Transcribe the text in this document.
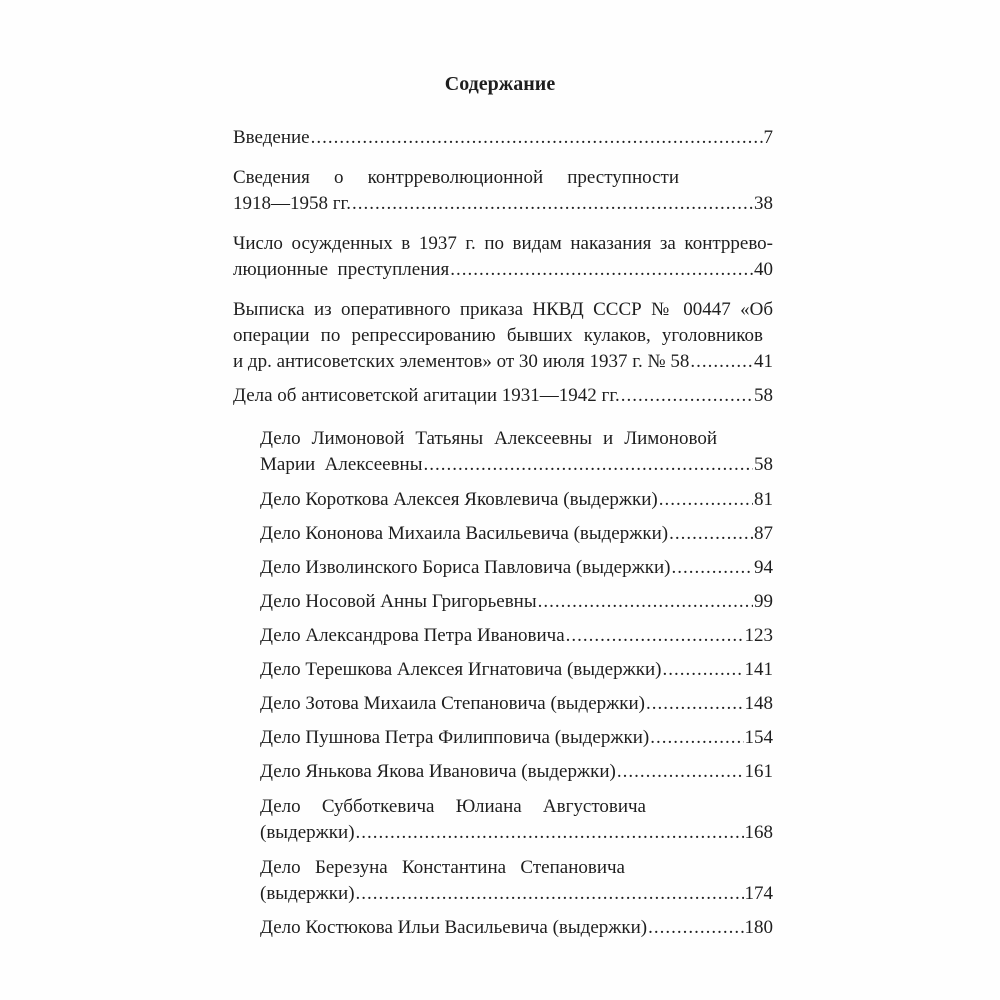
Содержание
Введение .....	7
Сведения о контрреволюционной преступности
1918—1958 гг. .....	38
Число осужденных в 1937 г. по видам наказания за контррево-
люционные  преступления .....	40
Выписка из оперативного приказа НКВД СССР № 00447 «Об
операции по репрессированию бывших кулаков, уголовников
и др. антисоветских элементов» от 30 июля 1937 г. № 58 .....	41
Дела об антисоветской агитации 1931—1942 гг. .....	58
Дело Лимоновой Татьяны Алексеевны и Лимоновой
Марии  Алексеевны .....	58
Дело Короткова Алексея Яковлевича (выдержки) .....	81
Дело Кононова Михаила Васильевича (выдержки) .....	87
Дело Изволинского Бориса Павловича (выдержки) .....	94
Дело Носовой Анны Григорьевны .....	99
Дело Александрова Петра Ивановича .....	123
Дело Терешкова Алексея Игнатовича (выдержки) .....	141
Дело Зотова Михаила Степановича (выдержки) .....	148
Дело Пушнова Петра Филипповича (выдержки) .....	154
Дело Янькова Якова Ивановича (выдержки) .....	161
Дело Субботкевича Юлиана Августовича
(выдержки) .....	168
Дело Березуна Константина Степановича
(выдержки) .....	174
Дело Костюкова Ильи Васильевича (выдержки) .....	180
